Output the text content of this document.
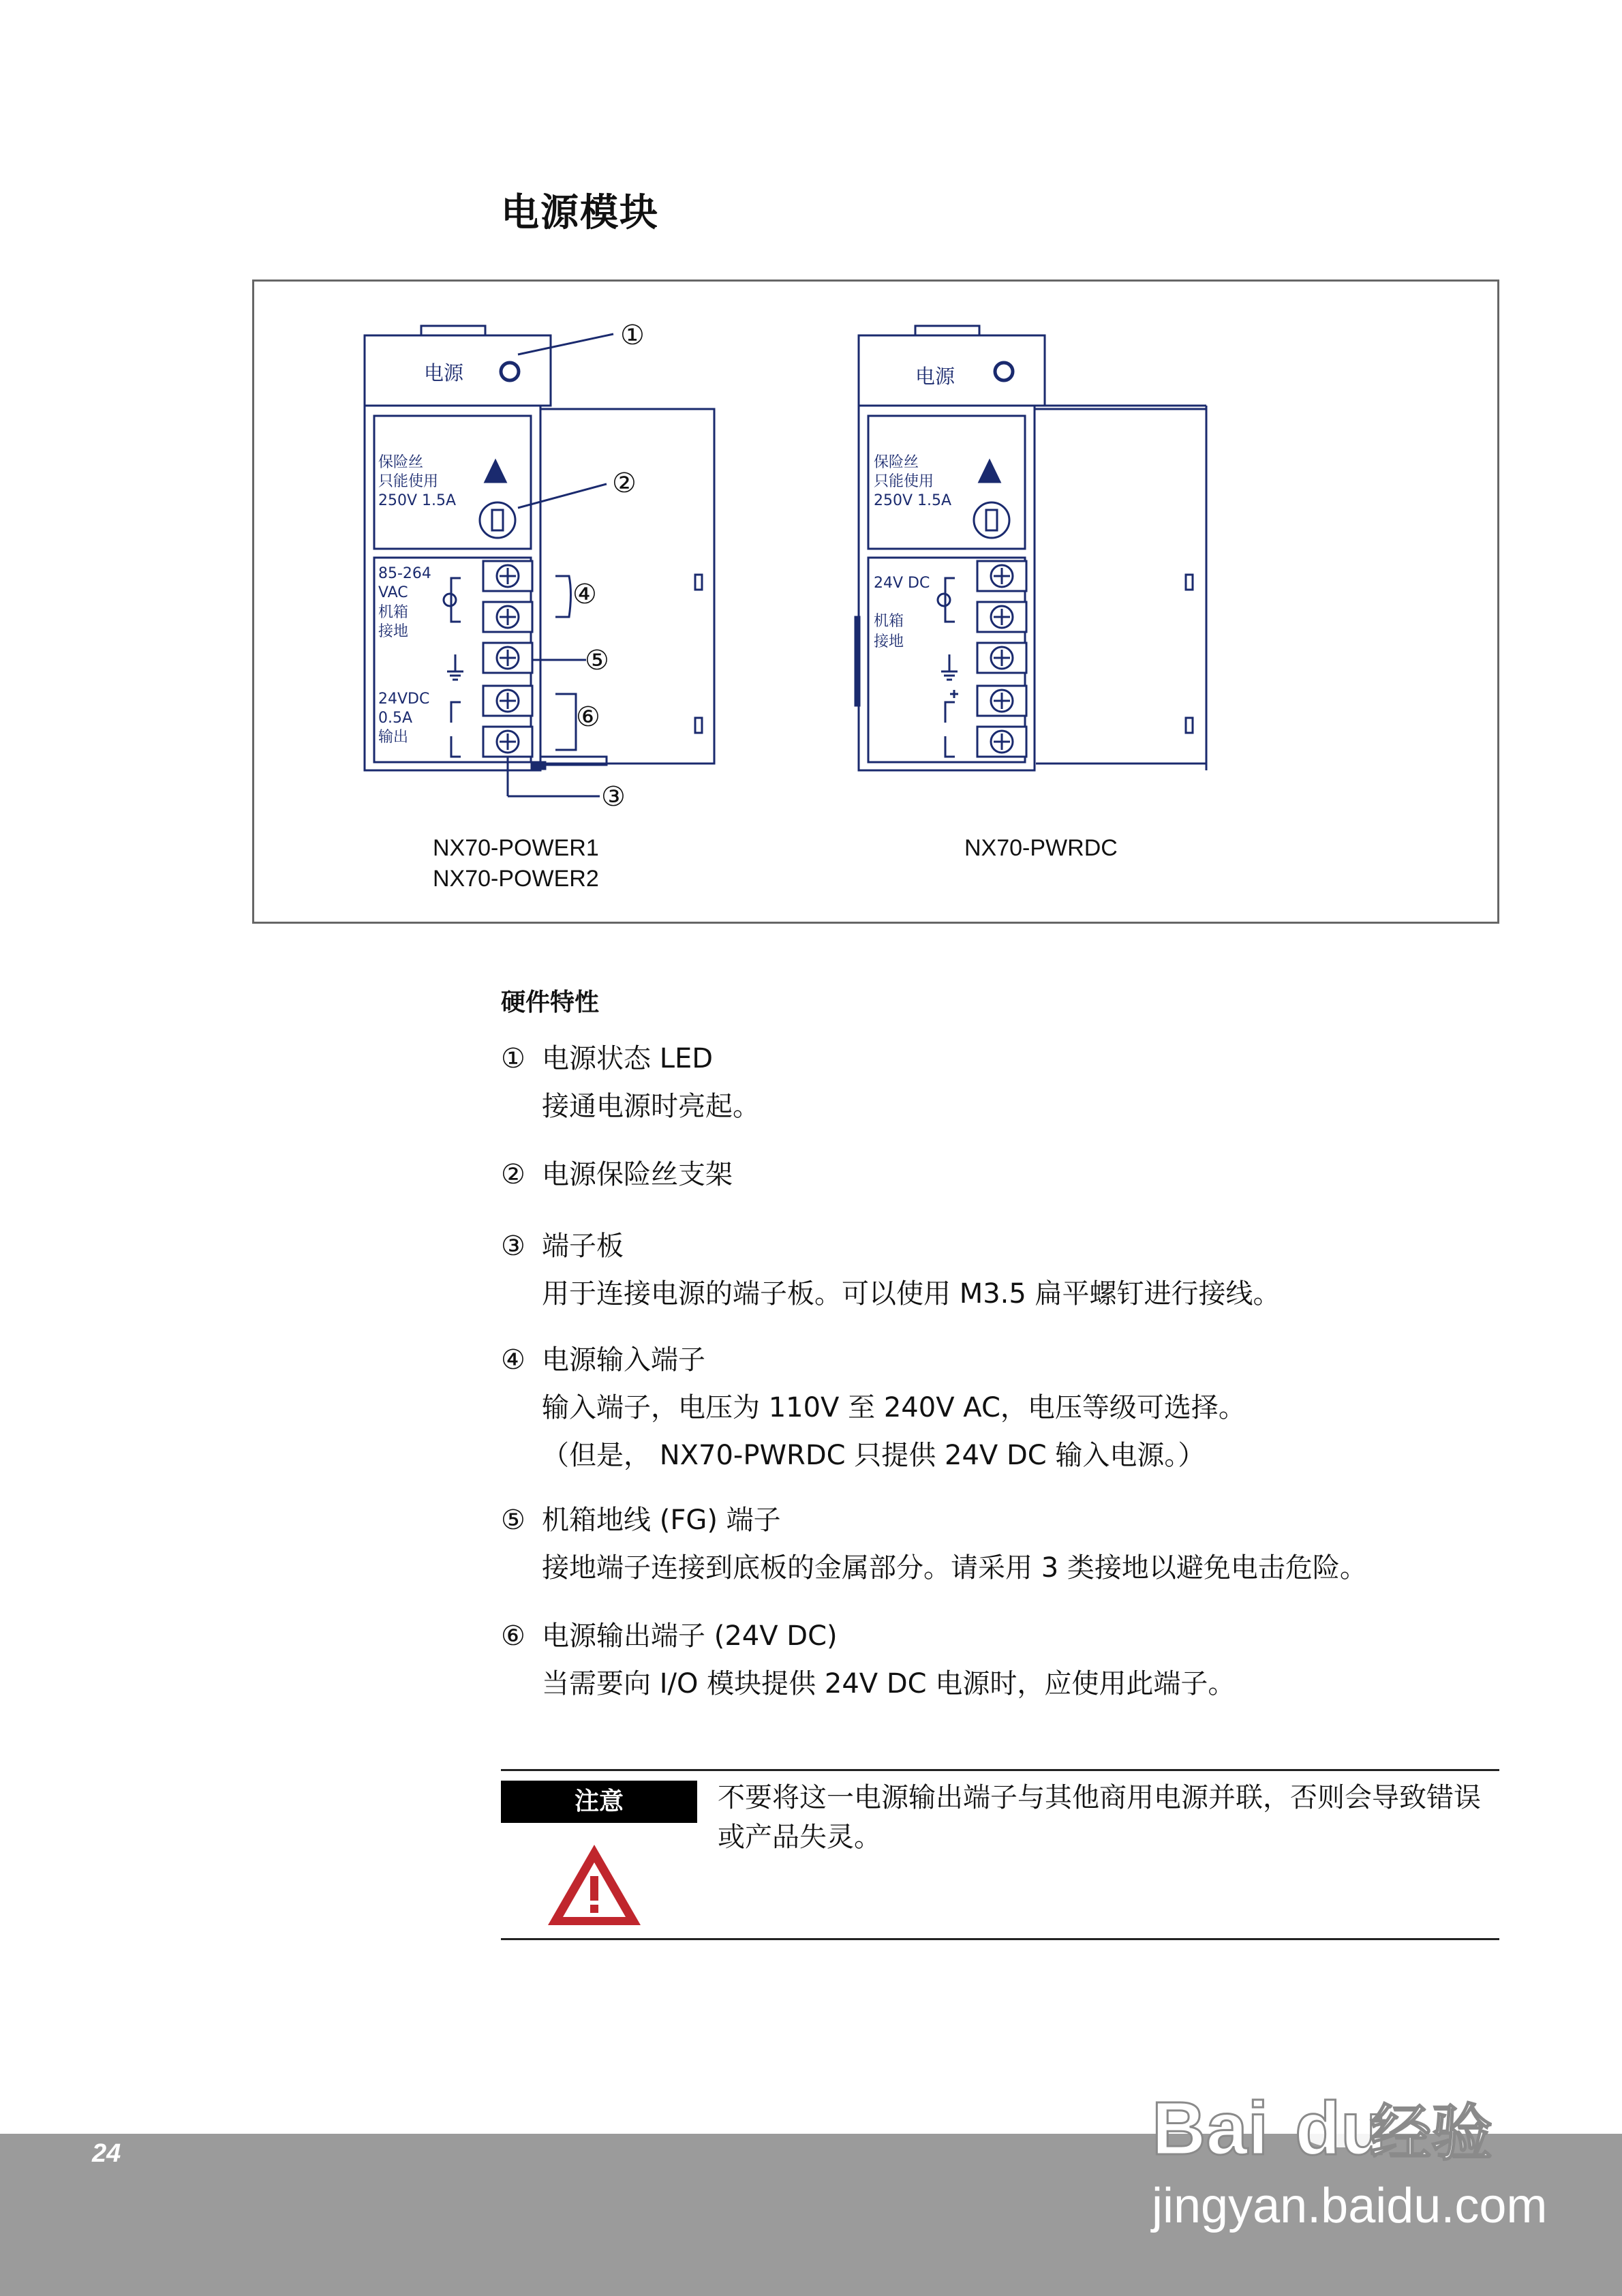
电源模块
电源
保险丝
只能使用
250V 1.5A
85-264
VAC
机箱
接地
24VDC
0.5A
输出
①
②
③
④
⑤
⑥
电源
保险丝
只能使用
250V 1.5A
24V DC
机箱
接地
NX70-POWER1
NX70-POWER2
NX70-PWRDC
硬件特性
① 电源状态 LED
接通电源时亮起。
② 电源保险丝支架
③ 端子板
用于连接电源的端子板。可以使用 M3.5 扁平螺钉进行接线。
④ 电源输入端子
输入端子，电压为 110V 至 240V AC，电压等级可选择。
（但是， NX70-PWRDC 只提供 24V DC 输入电源。）
⑤ 机箱地线 (FG) 端子
接地端子连接到底板的金属部分。请采用 3 类接地以避免电击危险。
⑥ 电源输出端子 (24V DC)
当需要向 I/O 模块提供 24V DC 电源时，应使用此端子。
注意	不要将这一电源输出端子与其他商用电源并联，否则会导致错误或产品失灵。
24	Bai du
经验
jingyan.baidu.com
